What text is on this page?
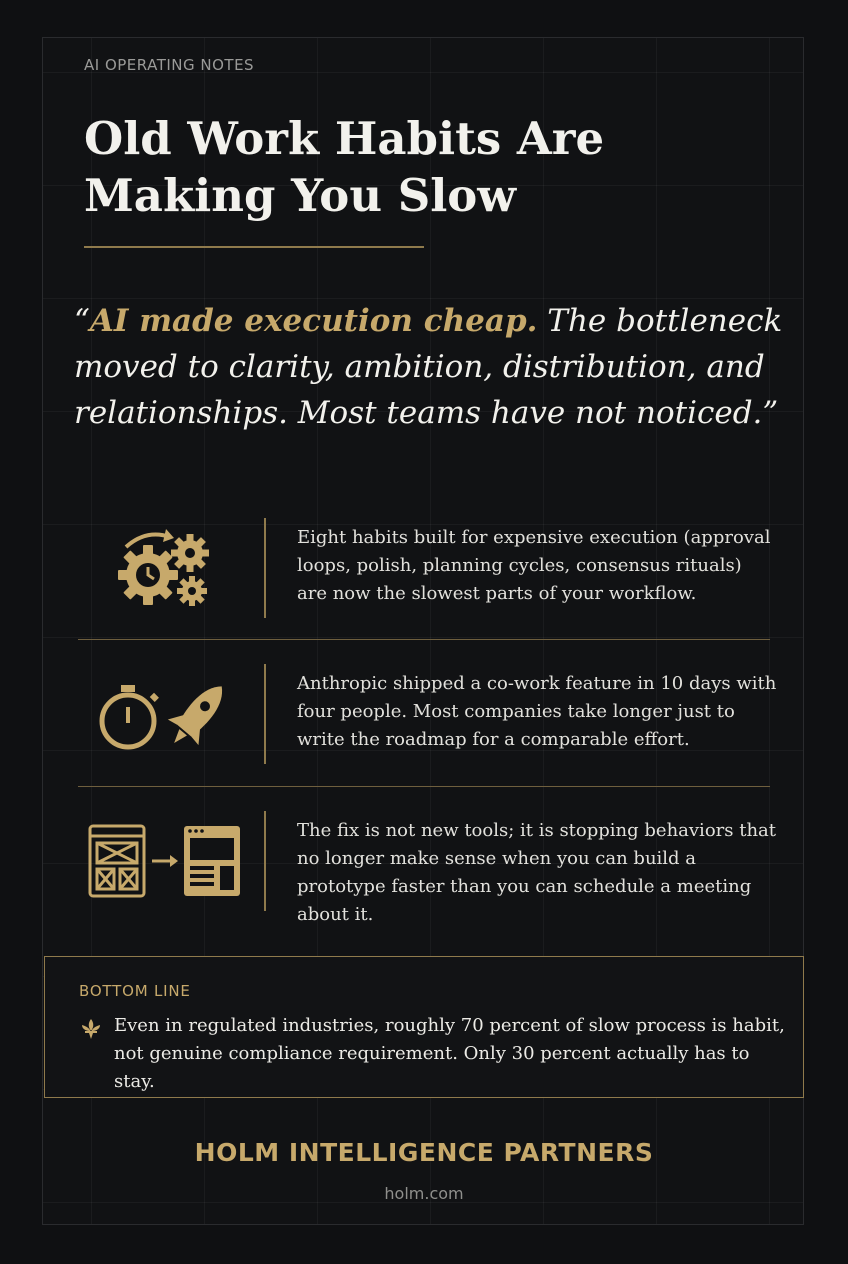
AI OPERATING NOTES
Old Work Habits Are Making You Slow
“AI made execution cheap. The bottleneck moved to clarity, ambition, distribution, and relationships. Most teams have not noticed.”
Eight habits built for expensive execution (approval loops, polish, planning cycles, consensus rituals) are now the slowest parts of your workflow.
Anthropic shipped a co-work feature in 10 days with four people. Most companies take longer just to write the roadmap for a comparable effort.
The fix is not new tools; it is stopping behaviors that no longer make sense when you can build a prototype faster than you can schedule a meeting about it.
BOTTOM LINE
Even in regulated industries, roughly 70 percent of slow process is habit, not genuine compliance requirement. Only 30 percent actually has to stay.
HOLM INTELLIGENCE PARTNERS
holm.com
